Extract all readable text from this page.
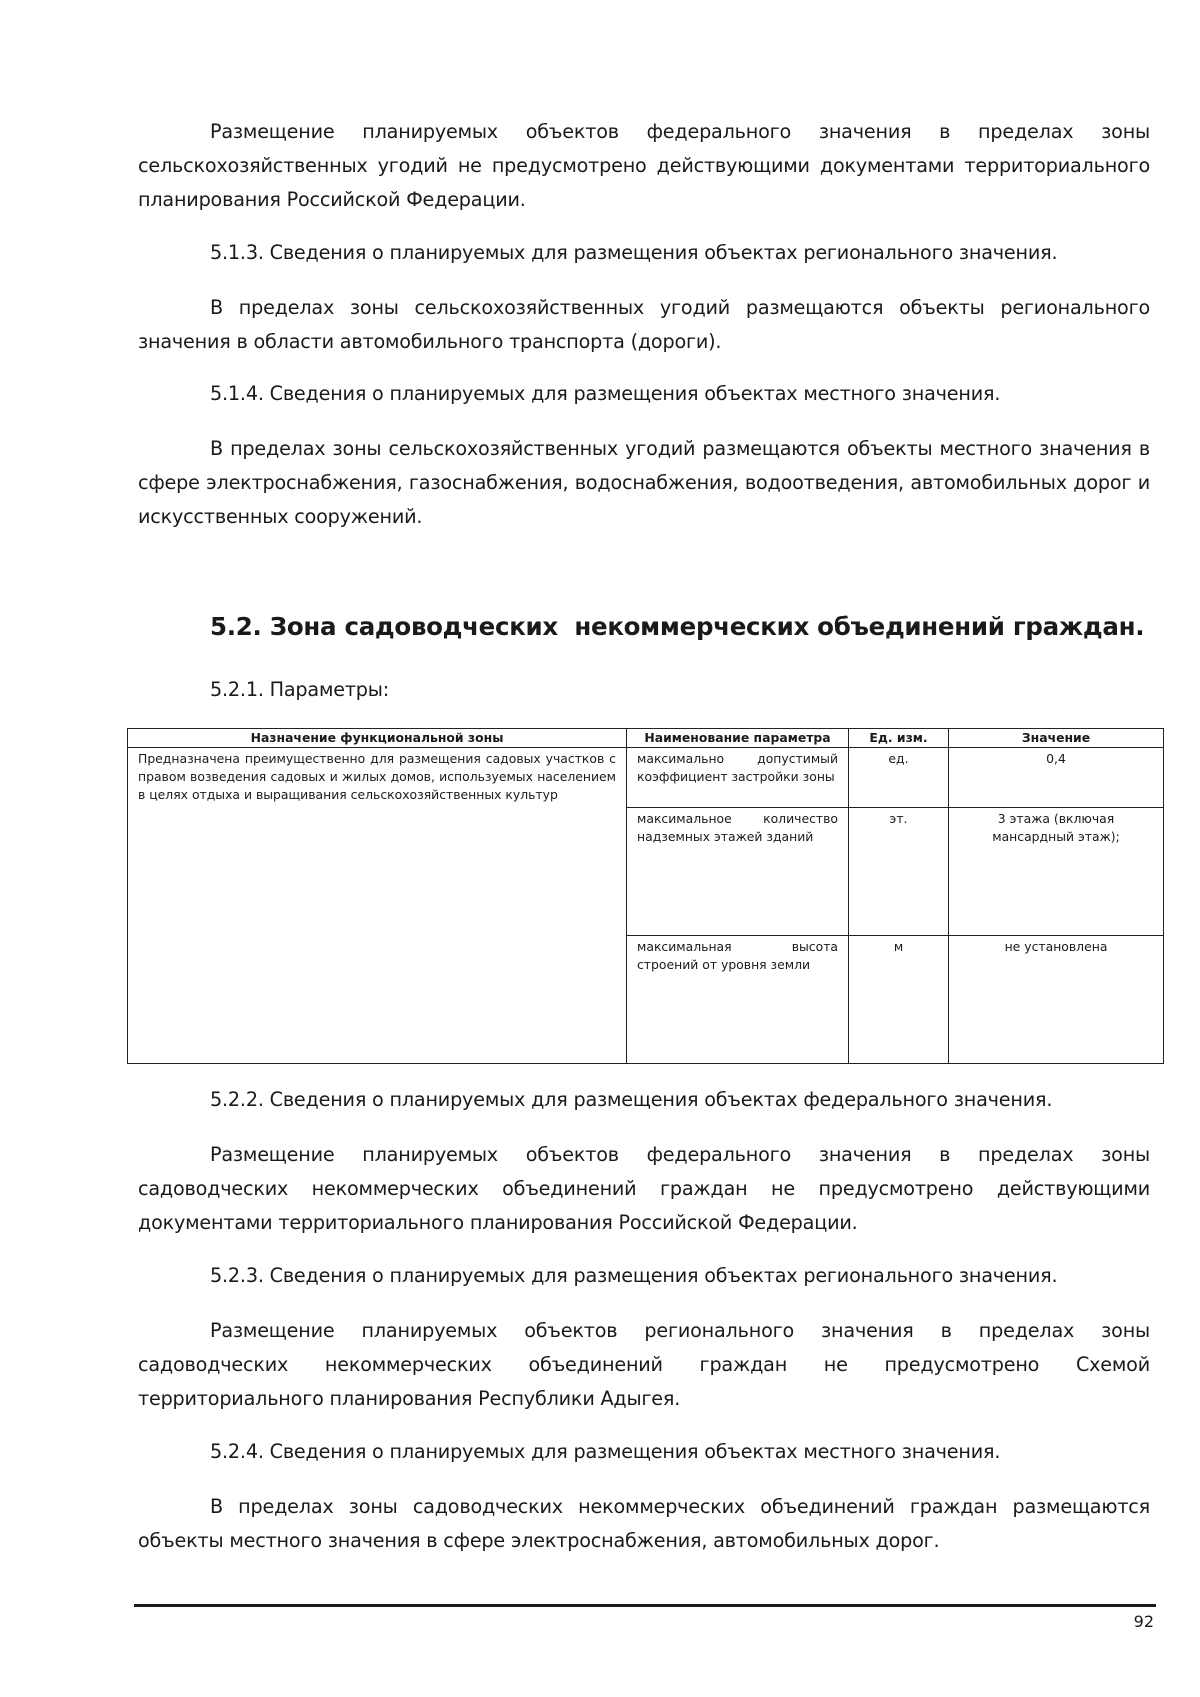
Размещение планируемых объектов федерального значения в пределах зоны сельскохозяйственных угодий не предусмотрено действующими документами территориального планирования Российской Федерации.

5.1.3. Сведения о планируемых для размещения объектах регионального значения.

В пределах зоны сельскохозяйственных угодий размещаются объекты регионального значения в области автомобильного транспорта (дороги).

5.1.4. Сведения о планируемых для размещения объектах местного значения.

В пределах зоны сельскохозяйственных угодий размещаются объекты местного значения в сфере электроснабжения, газоснабжения, водоснабжения, водоотведения, автомобильных дорог и искусственных сооружений.

5.2. Зона садоводческих  некоммерческих объединений граждан.

5.2.1. Параметры:

Назначение функциональной зоны	Наименование параметра	Ед. изм.	Значение
Предназначена преимущественно для размещения садовых участков с правом возведения садовых и жилых домов, используемых населением в целях отдыха и выращивания сельскохозяйственных культур	максимально допустимый коэффициент застройки зоны	ед.	0,4
	максимальное количество надземных этажей зданий	эт.	3 этажа (включая мансардный этаж);
	максимальная высота строений от уровня земли	м	не установлена

5.2.2. Сведения о планируемых для размещения объектах федерального значения.

Размещение планируемых объектов федерального значения в пределах зоны садоводческих некоммерческих объединений граждан не предусмотрено действующими документами территориального планирования Российской Федерации.

5.2.3. Сведения о планируемых для размещения объектах регионального значения.

Размещение планируемых объектов регионального значения в пределах зоны садоводческих некоммерческих объединений граждан не предусмотрено Схемой территориального планирования Республики Адыгея.

5.2.4. Сведения о планируемых для размещения объектах местного значения.

В пределах зоны садоводческих некоммерческих объединений граждан размещаются объекты местного значения в сфере электроснабжения, автомобильных дорог.

92
